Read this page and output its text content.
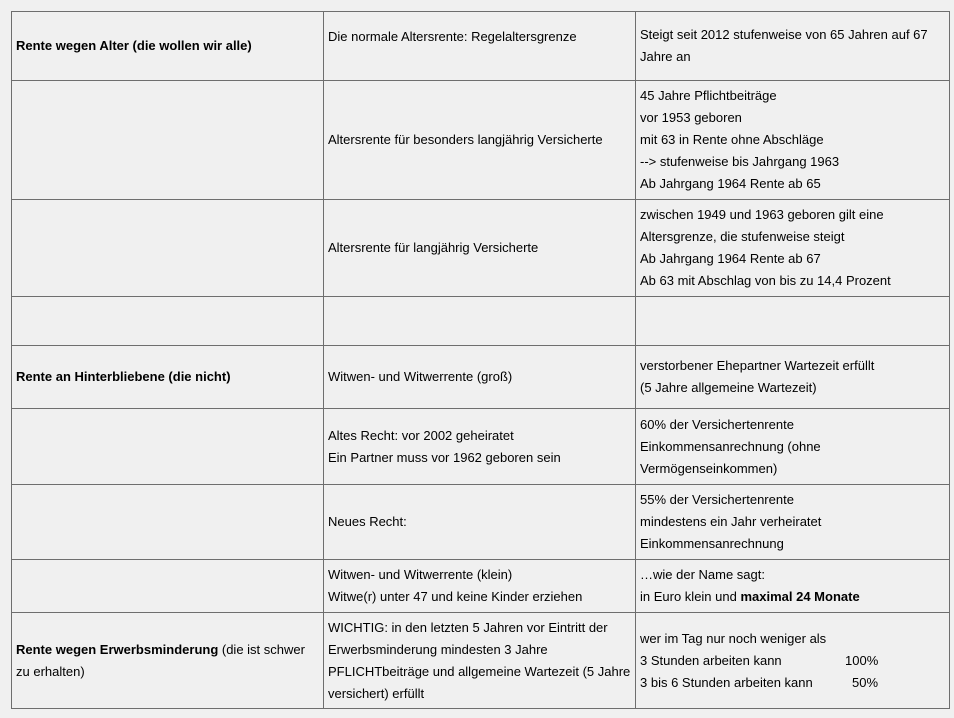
Rente wegen Alter (die wollen wir alle)	Die normale Altersrente: Regelaltersgrenze	Steigt seit 2012 stufenweise von 65 Jahren auf 67 Jahre an
	Altersrente für besonders langjährig Versicherte	45 Jahre Pflichtbeiträge
vor 1953 geboren
mit 63 in Rente ohne Abschläge
--> stufenweise bis Jahrgang 1963
Ab Jahrgang 1964 Rente ab 65
	Altersrente für langjährig Versicherte	zwischen 1949 und 1963 geboren gilt eine Altersgrenze, die stufenweise steigt
Ab Jahrgang 1964 Rente ab 67
Ab 63 mit Abschlag von bis zu 14,4 Prozent

Rente an Hinterbliebene (die nicht)	Witwen- und Witwerrente (groß)	verstorbener Ehepartner Wartezeit erfüllt
(5 Jahre allgemeine Wartezeit)
	Altes Recht: vor 2002 geheiratet
Ein Partner muss vor 1962 geboren sein	60% der Versichertenrente
Einkommensanrechnung (ohne Vermögenseinkommen)
	Neues Recht:	55% der Versichertenrente
mindestens ein Jahr verheiratet
Einkommensanrechnung
	Witwen- und Witwerrente (klein)
Witwe(r) unter 47 und keine Kinder erziehen	…wie der Name sagt:
in Euro klein und maximal 24 Monate
Rente wegen Erwerbsminderung (die ist schwer zu erhalten)	WICHTIG: in den letzten 5 Jahren vor Eintritt der Erwerbsminderung mindesten 3 Jahre PFLICHTbeiträge und allgemeine Wartezeit (5 Jahre versichert) erfüllt	wer im Tag nur noch weniger als
3 Stunden arbeiten kann 100%
3 bis 6 Stunden arbeiten kann 50%
